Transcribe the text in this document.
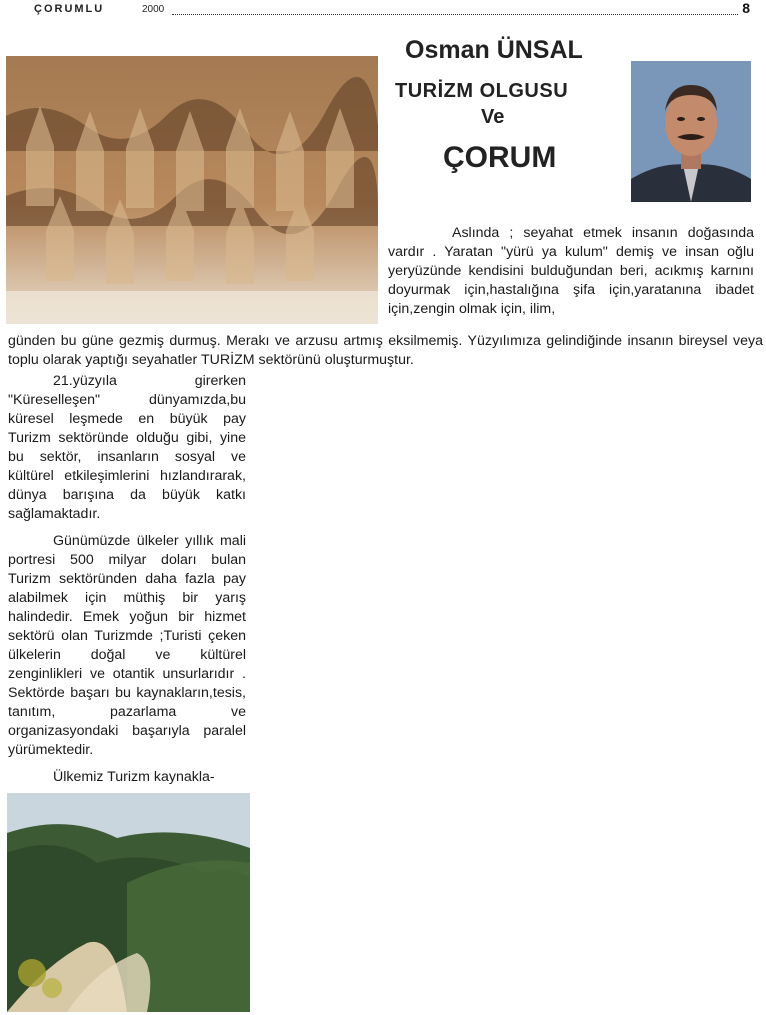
ÇORUMLU	2000	8
Osman ÜNSAL
TURİZM OLGUSU
Ve
ÇORUM

Aslında ; seyahat etmek insanın doğasında vardır . Yaratan "yürü ya kulum" demiş ve insan oğlu yeryüzünde kendisini bulduğundan beri, acıkmış karnını doyurmak için,hastalığına şifa için,yaratanına ibadet için,zengin olmak için, ilim,

günden bu güne gezmiş durmuş. Merakı ve arzusu artmış eksilmemiş. Yüzyılımıza gelindiğinde insanın bireysel veya toplu olarak yaptığı seyahatler TURİZM sektörünü oluşturmuştur.

21.yüzyıla girerken "Küreselleşen" dünyamızda,bu küresel leşmede en büyük pay Turizm sektöründe olduğu gibi, yine bu sektör, insanların sosyal ve kültürel etkileşimlerini hızlandırarak, dünya barışına da büyük katkı sağlamaktadır.

Günümüzde ülkeler yıllık mali portresi 500 milyar doları bulan Turizm sektöründen daha fazla pay alabilmek için müthiş bir yarış halindedir. Emek yoğun bir hizmet sektörü olan Turizmde ;Turisti çeken ülkelerin doğal ve kültürel zenginlikleri ve otantik unsurlarıdır . Sektörde başarı bu kaynakların,tesis, tanıtım, pazarlama ve organizasyondaki başarıyla paralel yürümektedir.

Ülkemiz Turizm kaynakla-
